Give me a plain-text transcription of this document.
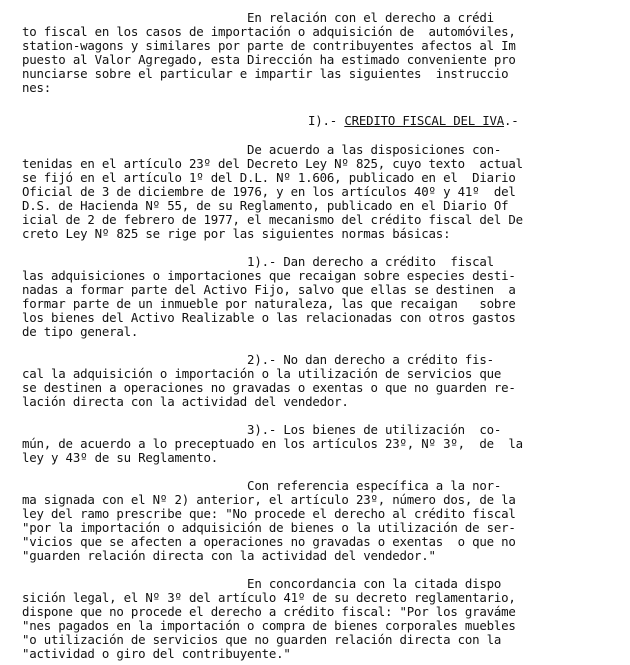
En relación con el derecho a crédi
to fiscal en los casos de importación o adquisición de  automóviles,
station-wagons y similares por parte de contribuyentes afectos al Im
puesto al Valor Agregado, esta Dirección ha estimado conveniente pro
nunciarse sobre el particular e impartir las siguientes  instruccio
nes:
I).- CREDITO FISCAL DEL IVA.-
De acuerdo a las disposiciones con-
tenidas en el artículo 23º del Decreto Ley Nº 825, cuyo texto  actual
se fijó en el artículo 1º del D.L. Nº 1.606, publicado en el  Diario
Oficial de 3 de diciembre de 1976, y en los artículos 40º y 41º  del
D.S. de Hacienda Nº 55, de su Reglamento, publicado en el Diario Of
icial de 2 de febrero de 1977, el mecanismo del crédito fiscal del De
creto Ley Nº 825 se rige por las siguientes normas básicas:
1).- Dan derecho a crédito  fiscal
las adquisiciones o importaciones que recaigan sobre especies desti-
nadas a formar parte del Activo Fijo, salvo que ellas se destinen  a
formar parte de un inmueble por naturaleza, las que recaigan   sobre
los bienes del Activo Realizable o las relacionadas con otros gastos
de tipo general.
2).- No dan derecho a crédito fis-
cal la adquisición o importación o la utilización de servicios que
se destinen a operaciones no gravadas o exentas o que no guarden re-
lación directa con la actividad del vendedor.
3).- Los bienes de utilización  co-
mún, de acuerdo a lo preceptuado en los artículos 23º, Nº 3º,  de  la
ley y 43º de su Reglamento.
Con referencia específica a la nor-
ma signada con el Nº 2) anterior, el artículo 23º, número dos, de la
ley del ramo prescribe que: "No procede el derecho al crédito fiscal
"por la importación o adquisición de bienes o la utilización de ser-
"vicios que se afecten a operaciones no gravadas o exentas  o que no
"guarden relación directa con la actividad del vendedor."
En concordancia con la citada dispo
sición legal, el Nº 3º del artículo 41º de su decreto reglamentario,
dispone que no procede el derecho a crédito fiscal: "Por los graváme
"nes pagados en la importación o compra de bienes corporales muebles
"o utilización de servicios que no guarden relación directa con la
"actividad o giro del contribuyente."
